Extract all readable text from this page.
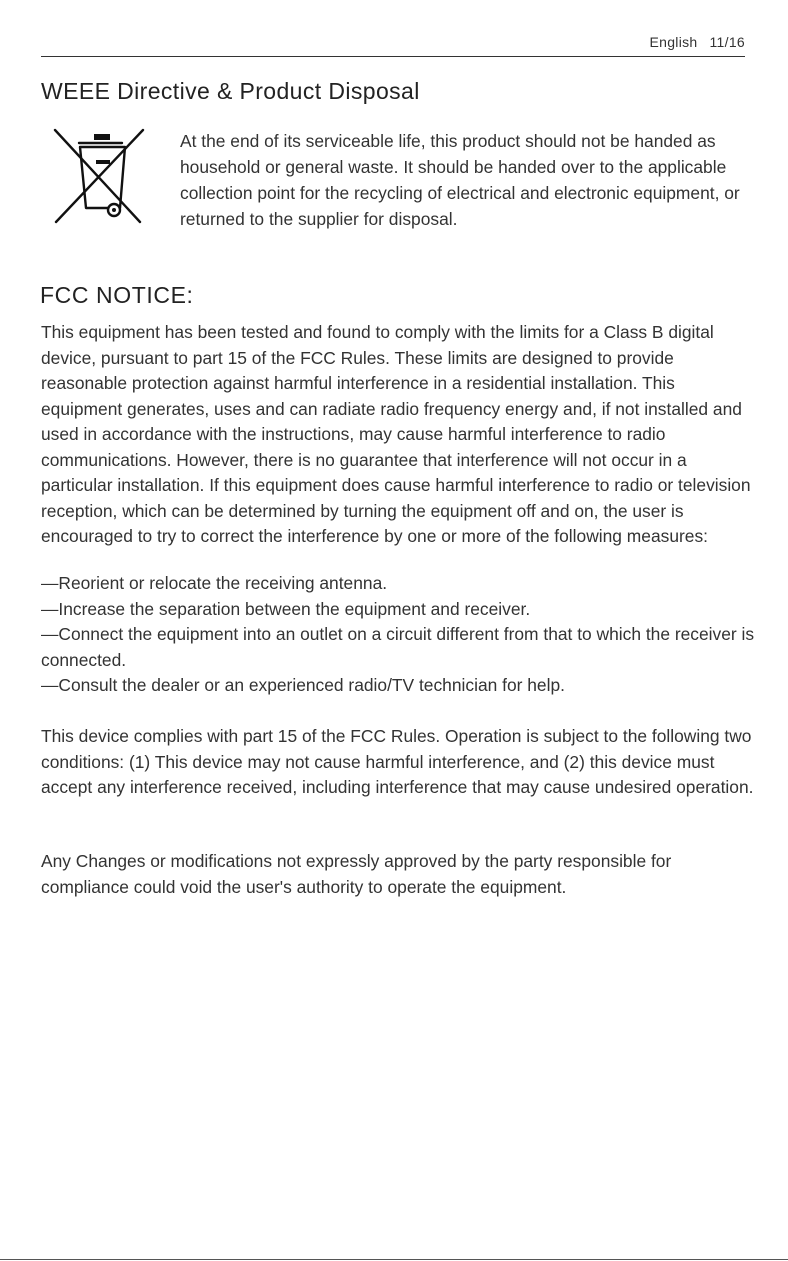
English 11/16
WEEE Directive & Product Disposal

At the end of its serviceable life, this product should not be handed as household or general waste. It should be handed over to the applicable collection point for the recycling of electrical and electronic equipment, or returned to the supplier for disposal.

FCC NOTICE:

This equipment has been tested and found to comply with the limits for a Class B digital device, pursuant to part 15 of the FCC Rules. These limits are designed to provide reasonable protection against harmful interference in a residential installation. This equipment generates, uses and can radiate radio frequency energy and, if not installed and used in accordance with the instructions, may cause harmful interference to radio communications. However, there is no guarantee that interference will not occur in a particular installation. If this equipment does cause harmful interference to radio or television reception, which can be determined by turning the equipment off and on, the user is encouraged to try to correct the interference by one or more of the following measures:

—Reorient or relocate the receiving antenna.
—Increase the separation between the equipment and receiver.
—Connect the equipment into an outlet on a circuit different from that to which the receiver is connected.
—Consult the dealer or an experienced radio/TV technician for help.

This device complies with part 15 of the FCC Rules. Operation is subject to the following two conditions: (1) This device may not cause harmful interference, and (2) this device must accept any interference received, including interference that may cause undesired operation.

Any Changes or modifications not expressly approved by the party responsible for compliance could void the user's authority to operate the equipment.
